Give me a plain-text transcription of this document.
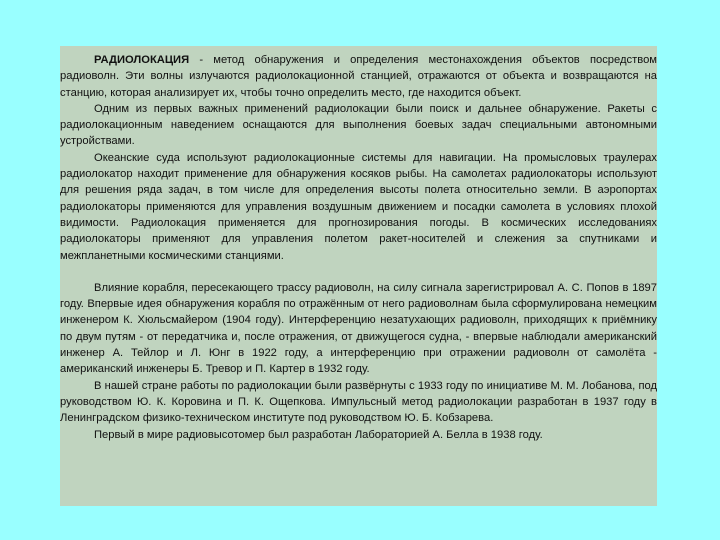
РАДИОЛОКАЦИЯ - метод обнаружения и определения местонахождения объектов посредством радиоволн. Эти волны излучаются радиолокационной станцией, отражаются от объекта и возвращаются на станцию, которая анализирует их, чтобы точно определить место, где находится объект.

Одним из первых важных применений радиолокации были поиск и дальнее обнаружение. Ракеты с радиолокационным наведением оснащаются для выполнения боевых задач специальными автономными устройствами.

Океанские суда используют радиолокационные системы для навигации. На промысловых траулерах радиолокатор находит применение для обнаружения косяков рыбы. На самолетах радиолокаторы используют для решения ряда задач, в том числе для определения высоты полета относительно земли. В аэропортах радиолокаторы применяются для управления воздушным движением и посадки самолета в условиях плохой видимости. Радиолокация применяется для прогнозирования погоды. В космических исследованиях радиолокаторы применяют для управления полетом ракет-носителей и слежения за спутниками и межпланетными космическими станциями.

Влияние корабля, пересекающего трассу радиоволн, на силу сигнала зарегистрировал А. С. Попов в 1897 году. Впервые идея обнаружения корабля по отражённым от него радиоволнам была сформулирована немецким инженером К. Хюльсмайером (1904 году). Интерференцию незатухающих радиоволн, приходящих к приёмнику по двум путям - от передатчика и, после отражения, от движущегося судна, - впервые наблюдали американский инженер А. Тейлор и Л. Юнг в 1922 году, а интерференцию при отражении радиоволн от самолёта - американский инженеры Б. Тревор и П. Картер в 1932 году.

В нашей стране работы по радиолокации были развёрнуты с 1933 году по инициативе М. М. Лобанова, под руководством Ю. К. Коровина и П. К. Ощепкова. Импульсный метод радиолокации разработан в 1937 году в Ленинградском физико-техническом институте под руководством Ю. Б. Кобзарева.

Первый в мире радиовысотомер был разработан Лабораторией А. Белла в 1938 году.
